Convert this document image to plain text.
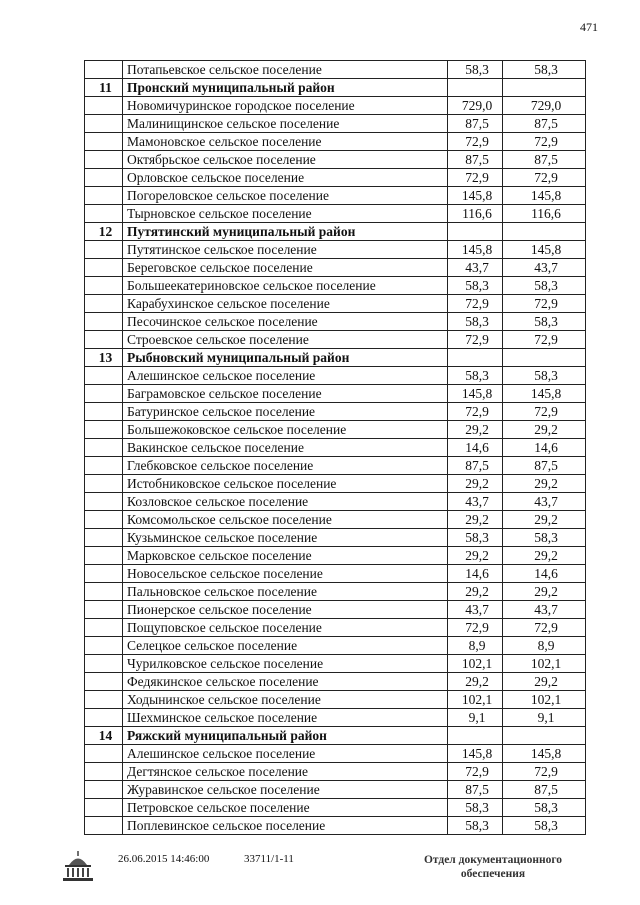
471
	Потапьевское сельское поселение	58,3	58,3
11	Пронский муниципальный район		
	Новомичуринское городское поселение	729,0	729,0
	Малинищинское сельское поселение	87,5	87,5
	Мамоновское сельское поселение	72,9	72,9
	Октябрьское сельское поселение	87,5	87,5
	Орловское сельское поселение	72,9	72,9
	Погореловское сельское поселение	145,8	145,8
	Тырновское сельское поселение	116,6	116,6
12	Путятинский муниципальный район		
	Путятинское сельское поселение	145,8	145,8
	Береговское сельское поселение	43,7	43,7
	Большеекатериновское сельское поселение	58,3	58,3
	Карабухинское сельское поселение	72,9	72,9
	Песочинское сельское поселение	58,3	58,3
	Строевское сельское поселение	72,9	72,9
13	Рыбновский муниципальный район		
	Алешинское сельское поселение	58,3	58,3
	Баграмовское сельское поселение	145,8	145,8
	Батуринское сельское поселение	72,9	72,9
	Большежоковское сельское поселение	29,2	29,2
	Вакинское сельское поселение	14,6	14,6
	Глебковское сельское поселение	87,5	87,5
	Истобниковское сельское поселение	29,2	29,2
	Козловское сельское поселение	43,7	43,7
	Комсомольское сельское поселение	29,2	29,2
	Кузьминское сельское поселение	58,3	58,3
	Марковское сельское поселение	29,2	29,2
	Новосельское сельское поселение	14,6	14,6
	Пальновское сельское поселение	29,2	29,2
	Пионерское сельское поселение	43,7	43,7
	Пощуповское сельское поселение	72,9	72,9
	Селецкое сельское поселение	8,9	8,9
	Чурилковское сельское поселение	102,1	102,1
	Федякинское сельское поселение	29,2	29,2
	Ходынинское сельское поселение	102,1	102,1
	Шехминское сельское поселение	9,1	9,1
14	Ряжский муниципальный район		
	Алешинское сельское поселение	145,8	145,8
	Дегтянское сельское поселение	72,9	72,9
	Журавинское сельское поселение	87,5	87,5
	Петровское сельское поселение	58,3	58,3
	Поплевинское сельское поселение	58,3	58,3
26.06.2015 14:46:00	33711/1-11	Отдел документационного
обеспечения
